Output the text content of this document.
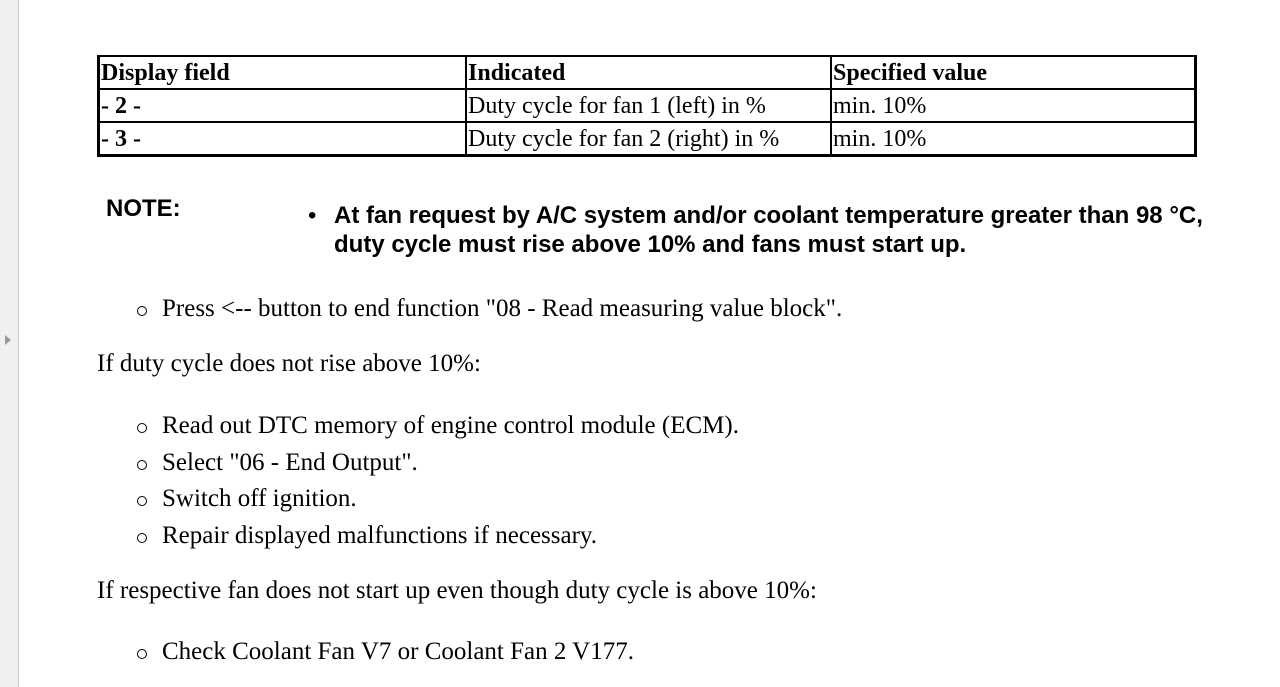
Display field	Indicated	Specified value
- 2 -	Duty cycle for fan 1 (left) in %	min. 10%
- 3 -	Duty cycle for fan 2 (right) in %	min. 10%
NOTE:	• At fan request by A/C system and/or coolant temperature greater than 98 °C, duty cycle must rise above 10% and fans must start up.
Press <-- button to end function "08 - Read measuring value block".
If duty cycle does not rise above 10%:
Read out DTC memory of engine control module (ECM).
Select "06 - End Output".
Switch off ignition.
Repair displayed malfunctions if necessary.
If respective fan does not start up even though duty cycle is above 10%:
Check Coolant Fan V7 or Coolant Fan 2 V177.
